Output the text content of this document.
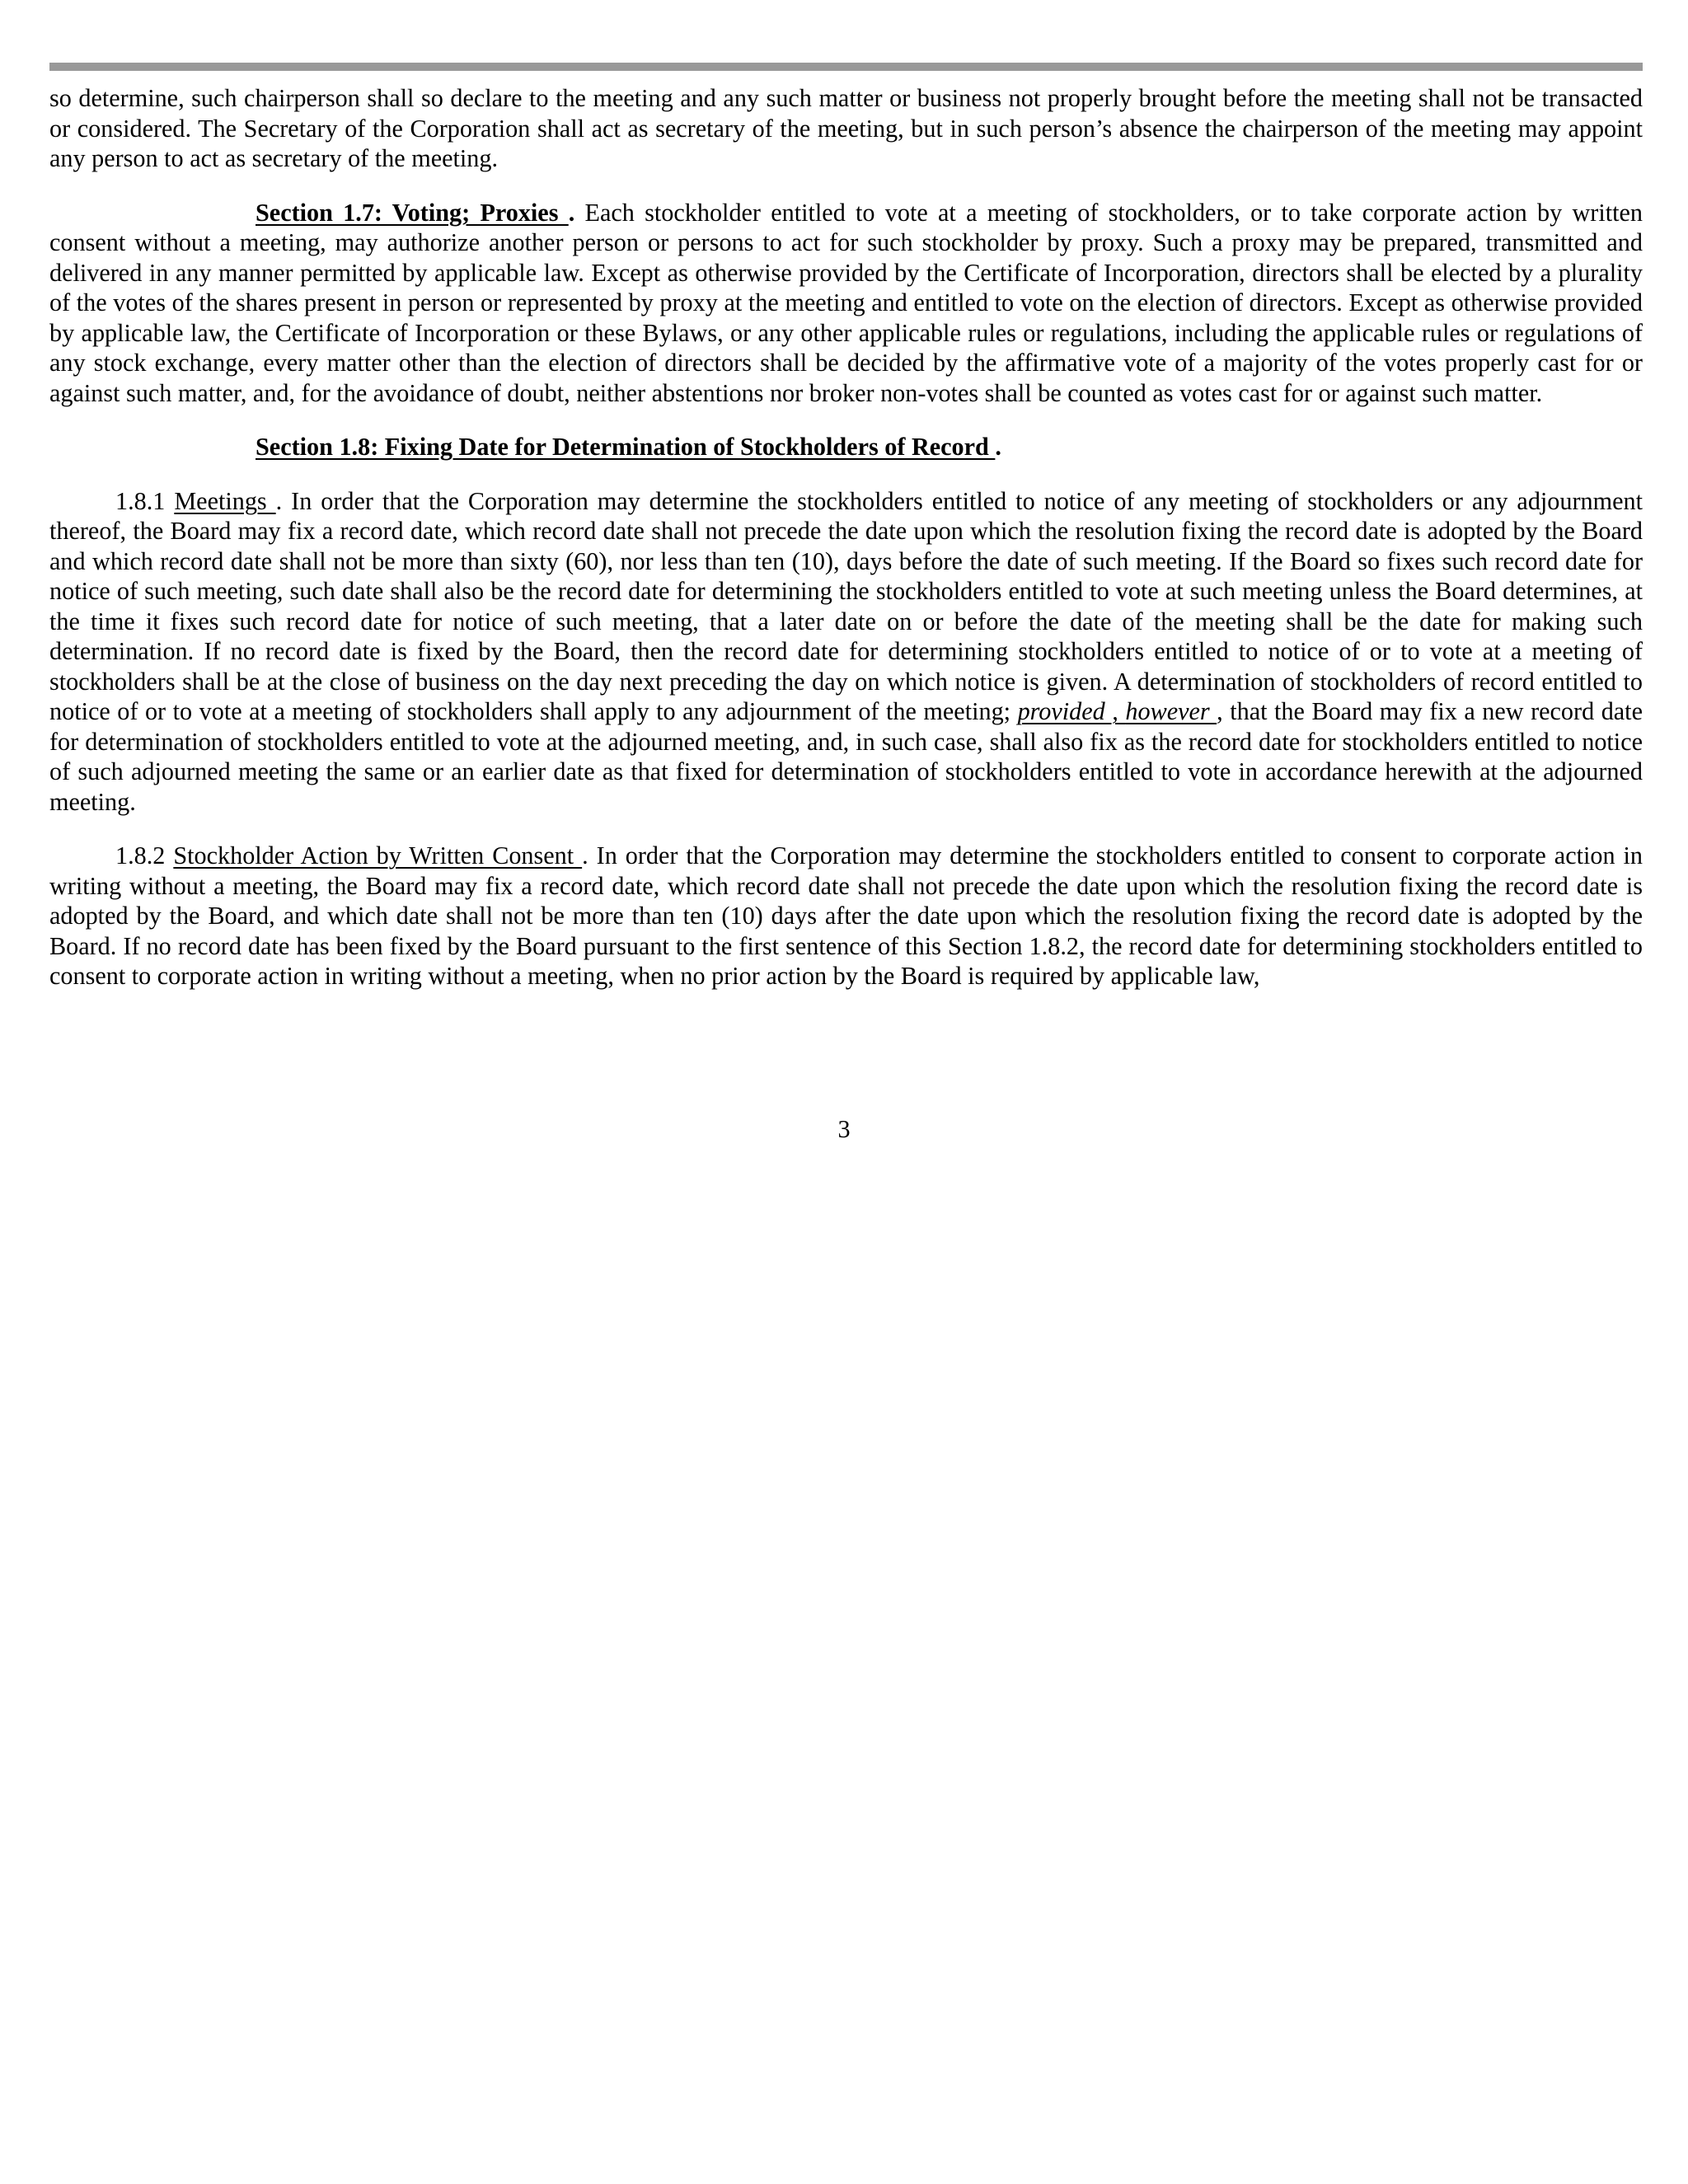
so determine, such chairperson shall so declare to the meeting and any such matter or business not properly brought before the meeting shall not be transacted or considered. The Secretary of the Corporation shall act as secretary of the meeting, but in such person’s absence the chairperson of the meeting may appoint any person to act as secretary of the meeting.

Section 1.7: Voting; Proxies . Each stockholder entitled to vote at a meeting of stockholders, or to take corporate action by written consent without a meeting, may authorize another person or persons to act for such stockholder by proxy. Such a proxy may be prepared, transmitted and delivered in any manner permitted by applicable law. Except as otherwise provided by the Certificate of Incorporation, directors shall be elected by a plurality of the votes of the shares present in person or represented by proxy at the meeting and entitled to vote on the election of directors. Except as otherwise provided by applicable law, the Certificate of Incorporation or these Bylaws, or any other applicable rules or regulations, including the applicable rules or regulations of any stock exchange, every matter other than the election of directors shall be decided by the affirmative vote of a majority of the votes properly cast for or against such matter, and, for the avoidance of doubt, neither abstentions nor broker non-votes shall be counted as votes cast for or against such matter.

Section 1.8: Fixing Date for Determination of Stockholders of Record .

1.8.1 Meetings . In order that the Corporation may determine the stockholders entitled to notice of any meeting of stockholders or any adjournment thereof, the Board may fix a record date, which record date shall not precede the date upon which the resolution fixing the record date is adopted by the Board and which record date shall not be more than sixty (60), nor less than ten (10), days before the date of such meeting. If the Board so fixes such record date for notice of such meeting, such date shall also be the record date for determining the stockholders entitled to vote at such meeting unless the Board determines, at the time it fixes such record date for notice of such meeting, that a later date on or before the date of the meeting shall be the date for making such determination. If no record date is fixed by the Board, then the record date for determining stockholders entitled to notice of or to vote at a meeting of stockholders shall be at the close of business on the day next preceding the day on which notice is given. A determination of stockholders of record entitled to notice of or to vote at a meeting of stockholders shall apply to any adjournment of the meeting; provided , however , that the Board may fix a new record date for determination of stockholders entitled to vote at the adjourned meeting, and, in such case, shall also fix as the record date for stockholders entitled to notice of such adjourned meeting the same or an earlier date as that fixed for determination of stockholders entitled to vote in accordance herewith at the adjourned meeting.

1.8.2 Stockholder Action by Written Consent . In order that the Corporation may determine the stockholders entitled to consent to corporate action in writing without a meeting, the Board may fix a record date, which record date shall not precede the date upon which the resolution fixing the record date is adopted by the Board, and which date shall not be more than ten (10) days after the date upon which the resolution fixing the record date is adopted by the Board. If no record date has been fixed by the Board pursuant to the first sentence of this Section 1.8.2, the record date for determining stockholders entitled to consent to corporate action in writing without a meeting, when no prior action by the Board is required by applicable law,

3
